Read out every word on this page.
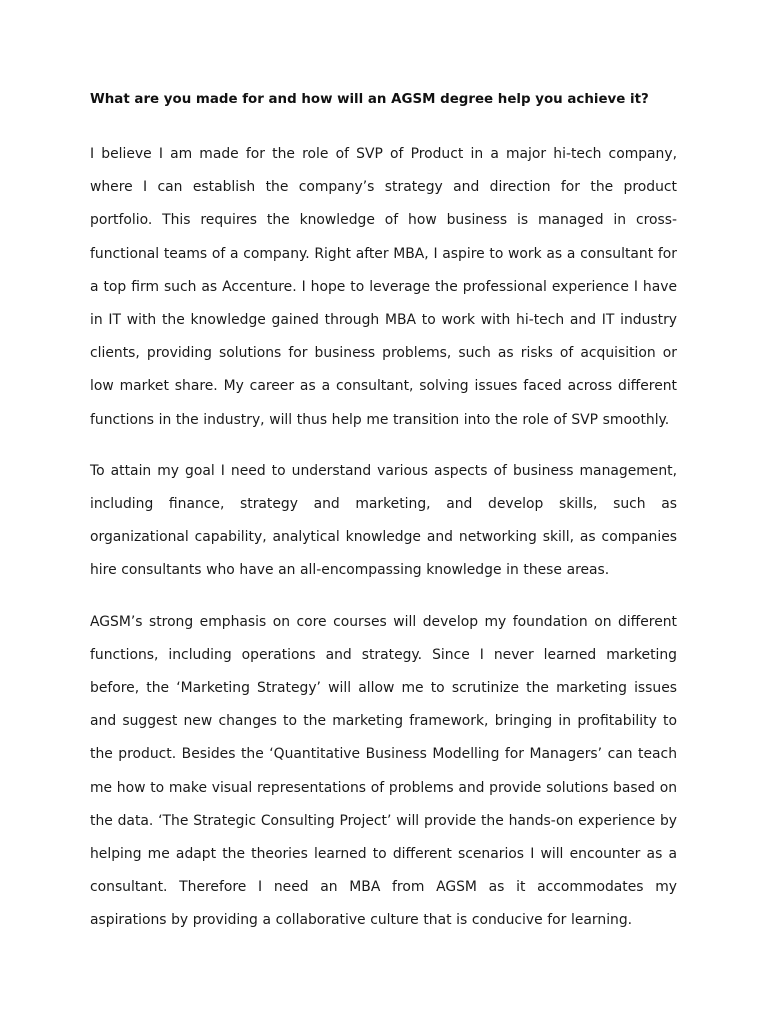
What are you made for and how will an AGSM degree help you achieve it?

I believe I am made for the role of SVP of Product in a major hi-tech company, where I can establish the company’s strategy and direction for the product portfolio. This requires the knowledge of how business is managed in cross-functional teams of a company. Right after MBA, I aspire to work as a consultant for a top firm such as Accenture. I hope to leverage the professional experience I have in IT with the knowledge gained through MBA to work with hi-tech and IT industry clients, providing solutions for business problems, such as risks of acquisition or low market share. My career as a consultant, solving issues faced across different functions in the industry, will thus help me transition into the role of SVP smoothly.

To attain my goal I need to understand various aspects of business management, including finance, strategy and marketing, and develop skills, such as organizational capability, analytical knowledge and networking skill, as companies hire consultants who have an all-encompassing knowledge in these areas.

AGSM’s strong emphasis on core courses will develop my foundation on different functions, including operations and strategy. Since I never learned marketing before, the ‘Marketing Strategy’ will allow me to scrutinize the marketing issues and suggest new changes to the marketing framework, bringing in profitability to the product. Besides the ‘Quantitative Business Modelling for Managers’ can teach me how to make visual representations of problems and provide solutions based on the data. ‘The Strategic Consulting Project’ will provide the hands-on experience by helping me adapt the theories learned to different scenarios I will encounter as a consultant. Therefore I need an MBA from AGSM as it accommodates my aspirations by providing a collaborative culture that is conducive for learning.
